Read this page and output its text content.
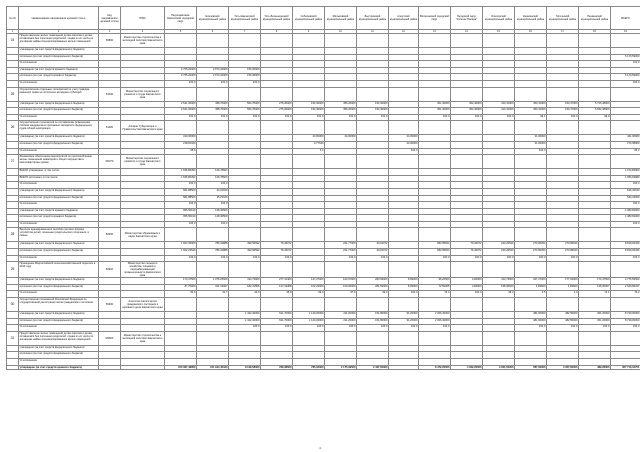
№ п/п	Наименование направления целевой статьи	Код направления целевой статьи	ГРБС	Петропавловск-Камчатский городской округ	Елизовский муниципальный район	Усть-Камчатский муниципальный район	Усть-Большерецкий муниципальный район	Соболевский муниципальный район	Мильковский муниципальный район	Быстринский муниципальный район	Алеутский муниципальный район	Вилючинский городской округ	Городской округ "поселок Палана"	Олюторский муниципальный район	Карагинский муниципальный район	Тигильский муниципальный район	Пенжинский муниципальный район	ВСЕГО
1	2	3	4	5	6	7	8	9	10	11	12	13	14	15	16	17	18	19
24	Предоставление жилых помещений детям-сиротам и детям, оставшимся без попечения родителей, лицам из их числа по договорам найма специализированных жилых помещений	50830	Министерство строительства и жилищной политики Камчатского края															
	утверждено (за счет средств федерального бюджета)																	
	исполнено (за счет средств федерального бюджета)																	5 170,59000
	% исполнения																	100,0
	утверждено (за счет средств краевого бюджета)			2 765,20000	2 673,42000	156,30000												
	исполнено (за счет средств краевого бюджета)			2 765,20000	2 673,42000	156,30000												5 170,59000
	% исполнения			100,0	100,0	100,0												100,0
25	Осуществление отдельных полномочий по учету граждан, имеющих право на получение жилищных субсидий	51340	Министерство социального развития и труда Камчатского края															
	утверждено (за счет средств федерального бюджета)			2 641,30000	458,70000	564,70000	275,00000	152,30000	456,20000	152,30000		301,30000	302,40000	410,41000	450,41000	150,47000	5 726,48900	
	исполнено (за счет средств федерального бюджета)			2 641,30000	458,70000	564,70000	275,00000	152,30000	456,20000	152,30000		301,30000	302,40000	410,41000	450,41000	150,47000	5 652,48900	
	% исполнения			100,0	100,0	100,0	100,0	100,0	100,0	100,0		100,0	100,0	100,0	99,1	100,0	99,9	
26	Осуществление полномочий по составлению (изменению) списков кандидатов в присяжные заседатели федеральных судов общей юрисдикции	51200	Аппарат Губернатора и Правительства Камчатского края															
	утверждено (за счет средств федерального бюджета)			319,00000				23,00000	24,00000		24,00000				31,00000			421,00000
	исполнено (за счет средств федерального бюджета)			218,81320				0,77640			24,00000				31,00000			274,58960
	% исполнения			68,6				3,4			100,0				100,0			65,2
27	Финансовое обеспечение мероприятий по приспособлению жилых помещений инвалидов и общего имущества в многоквартирных домах	R0270	Министерство социального развития и труда Камчатского края															
	ВСЕГО утверждено, в том числе:			1 536,85390	126,78600													1 674,82900
	ВСЕГО исполнено, в том числе:			1 536,85390	126,78600													1 656,63980
	% исполнения			100,0	100,0													100,0
	утверждено (за счет средств федерального бюджета)			581,88500	44,22040													626,10540
	исполнено (за счет средств федерального бюджета)			581,88500	45,22040													544,22000
	% исполнения			100,0	100,0													100,0
	утверждено (за счет средств краевого бюджета)			955,50190	128,46560													1 083,82000
	исполнено (за счет средств краевого бюджета)			955,50190	128,46560													1 083,82000
	% исполнения			100,0	100,0													100,0
28	Выплата единовременного пособия при всех формах устройства детей, лишенных родительского попечения, в семью	52600	Министерство образования и науки Камчатского края															
	утверждено (за счет средств федерального бюджета)			1 604,45000	786,32888	490,56592	76,46072		221,77000	40,04072		683,55664	76,46072	240,20540	273,82254	270,89040		8 819,92346
	исполнено (за счет средств федерального бюджета)			1 602,22540	786,32888	490,56592	76,46072		221,77000	40,04072		683,55664	76,46072	240,20540	273,82254	270,89040		8 819,92346
	% исполнения			100,0	100,0	100,0	100,0		100,0	100,0		100,0	100,0	100,0	100,0	100,0		100,0
29	Проведение Всероссийской сельскохозяйственной переписи в 2016 году	53910	Министерство сельского хозяйства, пищевой и перерабатывающей промышленности Камчатского края															
	утверждено (за счет средств федерального бюджета)			173,47500	1 075,25600	414,73000	277,41400	147,27000	103,67000	283,69000	8,99000	96,20500	4,84000	414,73000	347,27000	177,02000	173,47500	3 776,56500
	исполнено (за счет средств федерального бюджета)			87,75000	341,19007	182,41556	127,19388	102,23000	100,60000	281,69000	8,99000	72,50005	4,84000	158,96620	1,83600	1,83600	125,00007	2 649,84317
	% исполнения			50,6	31,7	44,0	45,9	69,4	97,0	99,3	100,0	75,4	100,0	38,3	0,5	1,0	72,1	70,2
30	Осуществление полномочий Российской Федерации по государственной регистрации актов гражданского состояния	59300	Агентство записи актов гражданского состояния и архивного дела Камчатского края															
	утверждено (за счет средств федерального бюджета)					1 422,40000	621,70000	1 140,20000	211,20000	151,80000	91,20000	2 306,40000			481,60000	482,50000	361,20000	8 729,00000
	исполнено (за счет средств федерального бюджета)					1 422,40000	621,70000	1 140,20000	211,20000	151,80000	91,20000	2 306,40000			481,60000	482,50000	361,20000	8 729,00000
	% исполнения					100,0	100,0	100,0	100,0	100,0	100,0	100,0			100,0	100,0	100,0	100,0
31	Предоставление жилых помещений детям-сиротам и детям, оставшимся без попечения родителей, лицам из их числа по договорам найма специализированных жилых помещений	R0820	Министерство строительства и жилищной политики Камчатского края															
	утверждено (за счет средств федерального бюджета)																	
	исполнено (за счет средств федерального бюджета)																	
	% исполнения																	
	утверждено (за счет средств краевого бюджета)			150 367,49850	121 944,45343	8 139,58000	789,38500	785,00000	2 175,39500	2 437,00000		8 472,20000	4 022,20000	3 021,50000	587,00000	4 357,60000	489,26000	327 713,04751
4
